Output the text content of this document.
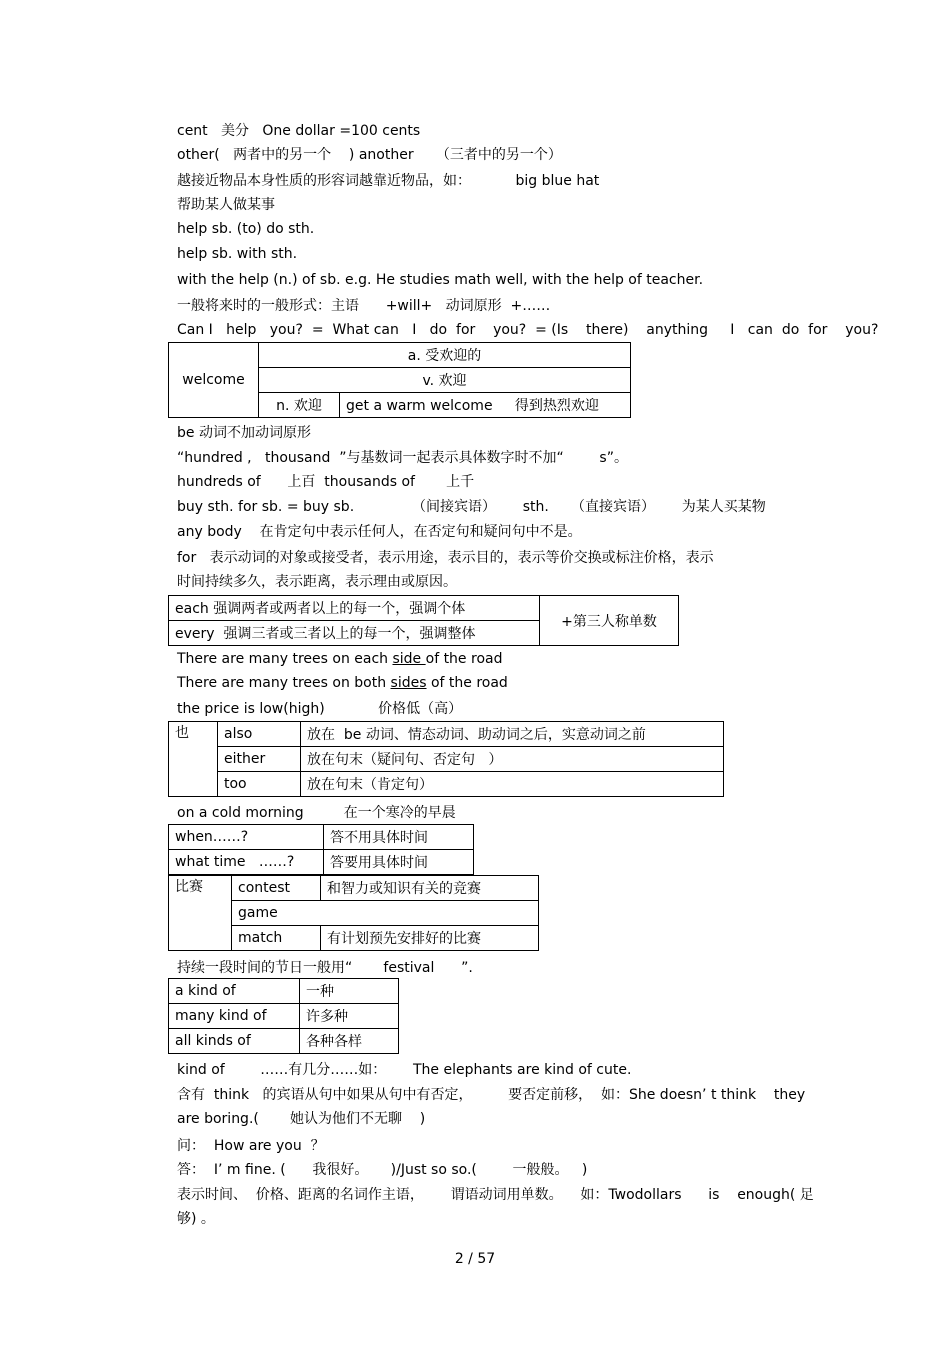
cent   美分   One dollar =100 cents
other(   两者中的另一个    ) another     （三者中的另一个）
越接近物品本身性质的形容词越靠近物品，如：          big blue hat
帮助某人做某事
help sb. (to) do sth.
help sb. with sth.
with the help (n.) of sb. e.g. He studies math well, with the help of teacher.
一般将来时的一般形式：主语      +will+   动词原形  +……
Can I   help   you?  =  What can   I   do  for    you?  = (Is    there)    anything     I   can  do  for    you?
welcome	a. 受欢迎的	
	v. 欢迎	
	n. 欢迎	get a warm welcome 得到热烈欢迎
be 动词不加动词原形
“hundred ,   thousand  ”与基数词一起表示具体数字时不加“        s”。
hundreds of      上百  thousands of       上千
buy sth. for sb. = buy sb.             （间接宾语）      sth.     （直接宾语）      为某人买某物
any body    在肯定句中表示任何人，在否定句和疑问句中不是。
for   表示动词的对象或接受者，表示用途，表示目的，表示等价交换或标注价格，表示
时间持续多久，表示距离，表示理由或原因。
each 强调两者或两者以上的每一个，强调个体	+第三人称单数
every  强调三者或三者以上的每一个，强调整体
There are many trees on each side of the road
There are many trees on both sides of the road
the price is low(high)            价格低（高）
也	also	放在  be 动词、情态动词、助动词之后，实意动词之前
	either	放在句末（疑问句、否定句   ）
	too	放在句末（肯定句）
on a cold morning         在一个寒冷的早晨
when……?	答不用具体时间
what time   ……?	答要用具体时间
比赛	contest	和智力或知识有关的竞赛
	game	
	match	有计划预先安排好的比赛
持续一段时间的节日一般用“       festival      ”.
a kind of	一种
many kind of	许多种
all kinds of	各种各样
kind of        ……有几分……如：      The elephants are kind of cute.
含有  think   的宾语从句中如果从句中有否定，        要否定前移，  如：She doesn’ t think    they
are boring.(       她认为他们不无聊    )
问：  How are you  ？
答：  I’ m fine. (      我很好。     )/Just so so.(        一般般。   )
表示时间、  价格、距离的名词作主语，      谓语动词用单数。    如：Twodollars      is    enough( 足
够) 。
2 / 57
